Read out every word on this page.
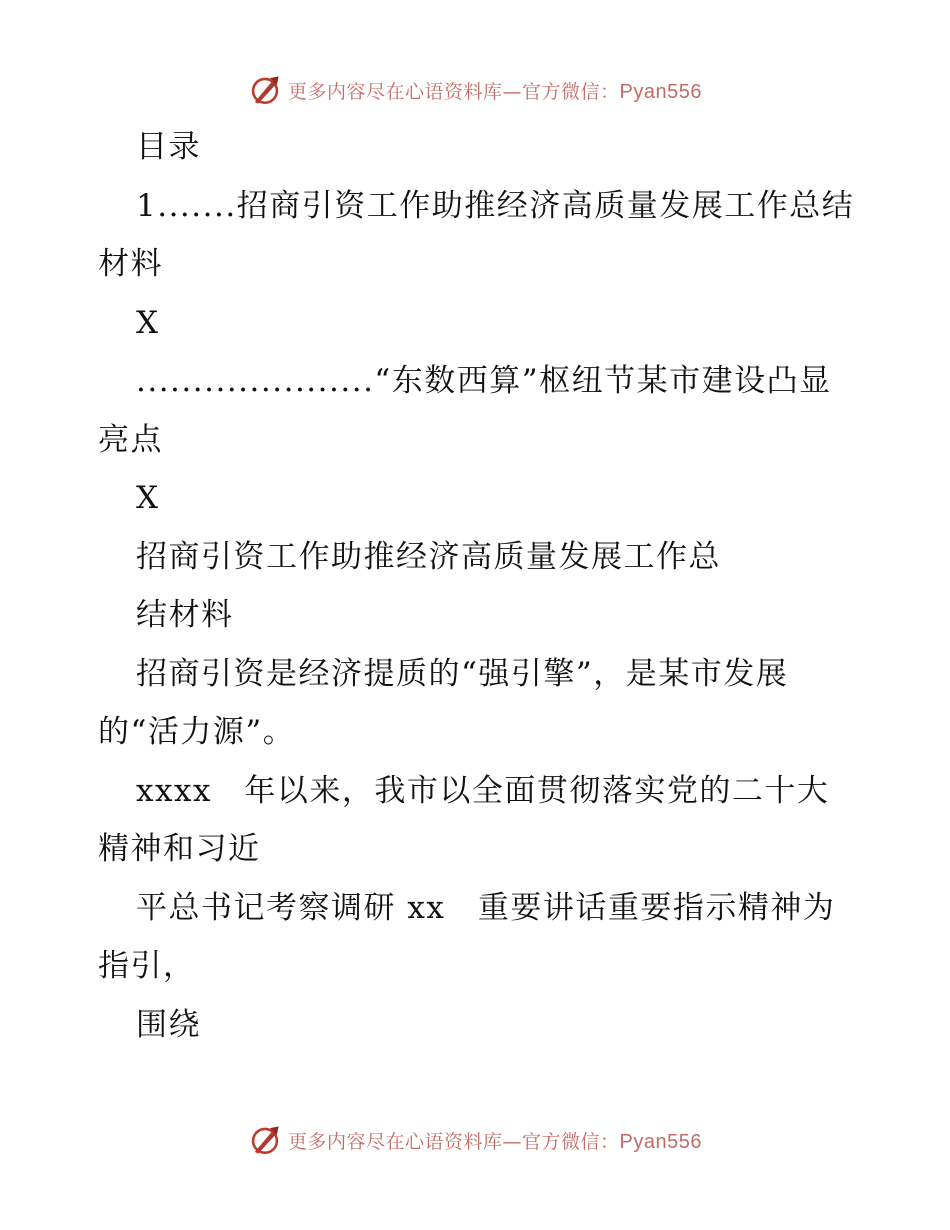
更多内容尽在心语资料库—官方微信：Pyan556

目录

1.......招商引资工作助推经济高质量发展工作总结材料

X

.....................“东数西算”枢纽节某市建设凸显亮点

X

招商引资工作助推经济高质量发展工作总

结材料

招商引资是经济提质的“强引擎”，是某市发展的“活力源”。

xxxx　年以来，我市以全面贯彻落实党的二十大精神和习近

平总书记考察调研 xx　重要讲话重要指示精神为指引，

围绕

更多内容尽在心语资料库—官方微信：Pyan556
